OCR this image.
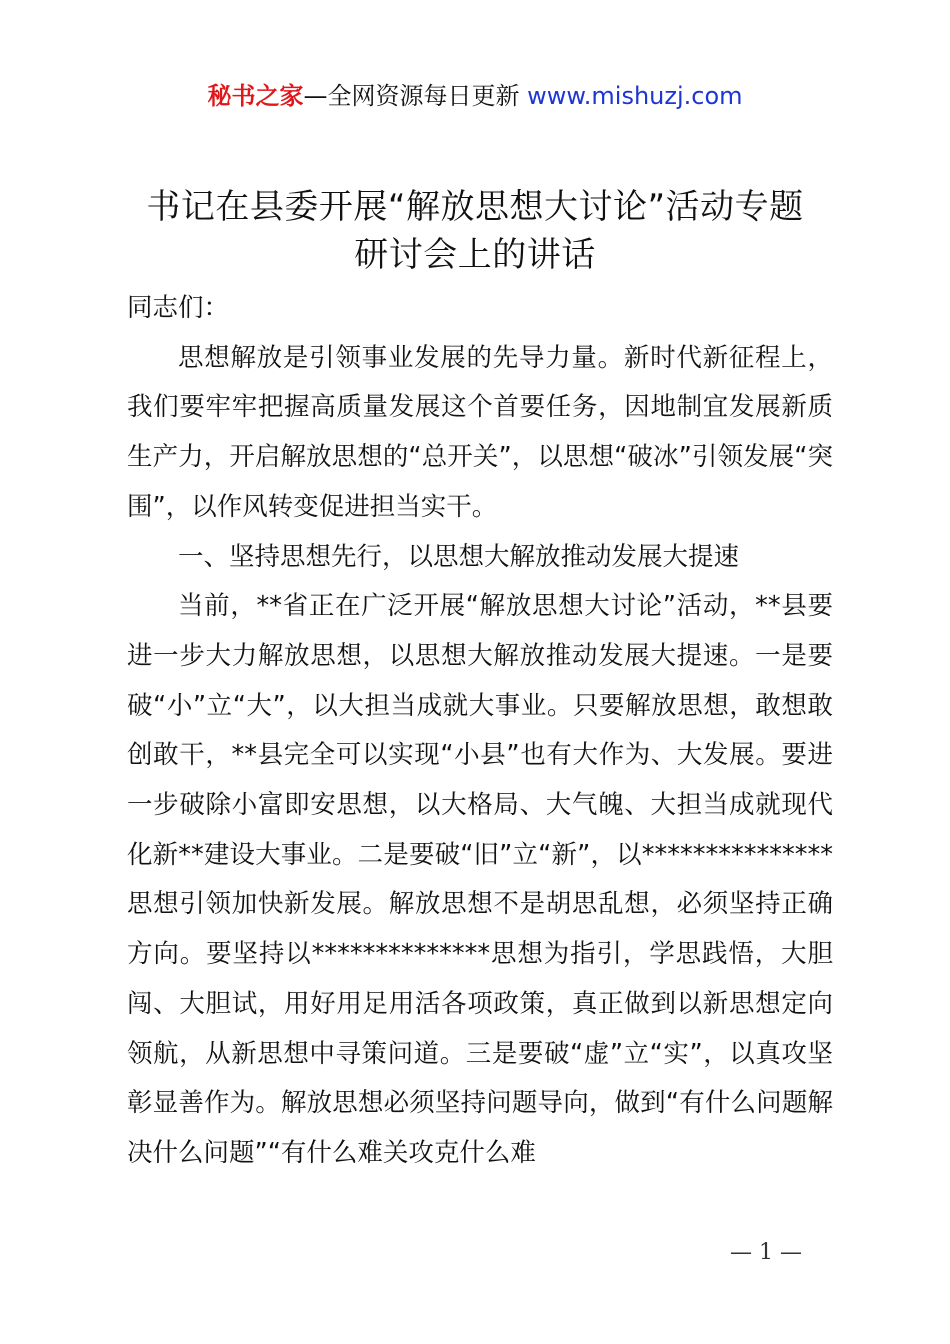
秘书之家—全网资源每日更新 www.mishuzj.com
书记在县委开展“解放思想大讨论”活动专题
研讨会上的讲话

同志们：

思想解放是引领事业发展的先导力量。新时代新征程上，我们要牢牢把握高质量发展这个首要任务，因地制宜发展新质生产力，开启解放思想的“总开关”，以思想“破冰”引领发展“突围”，以作风转变促进担当实干。

一、坚持思想先行，以思想大解放推动发展大提速

当前，**省正在广泛开展“解放思想大讨论”活动，**县要进一步大力解放思想，以思想大解放推动发展大提速。一是要破“小”立“大”，以大担当成就大事业。只要解放思想，敢想敢创敢干，**县完全可以实现“小县”也有大作为、大发展。要进一步破除小富即安思想，以大格局、大气魄、大担当成就现代化新**建设大事业。二是要破“旧”立“新”，以***************思想引领加快新发展。解放思想不是胡思乱想，必须坚持正确方向。要坚持以**************思想为指引，学思践悟，大胆闯、大胆试，用好用足用活各项政策，真正做到以新思想定向领航，从新思想中寻策问道。三是要破“虚”立“实”，以真攻坚彰显善作为。解放思想必须坚持问题导向，做到“有什么问题解决什么问题”“有什么难关攻克什么难

— 1 —
